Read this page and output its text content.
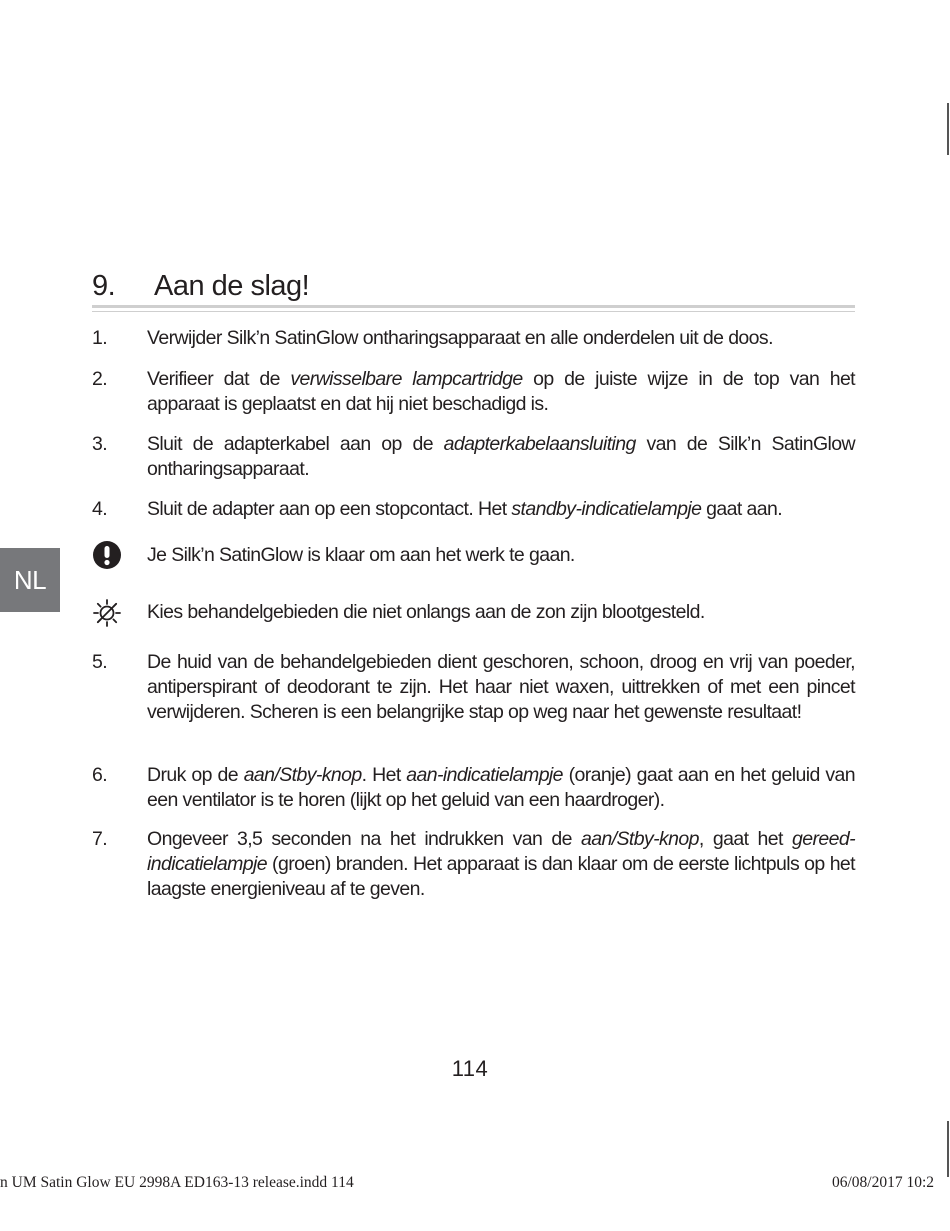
9. Aan de slag!
1.	Verwijder Silk’n SatinGlow ontharingsapparaat en alle onderdelen uit de doos.
2.	Verifieer dat de verwisselbare lampcartridge op de juiste wijze in de top van het apparaat is geplaatst en dat hij niet beschadigd is.
3.	Sluit de adapterkabel aan op de adapterkabelaansluiting van de Silk’n SatinGlow ontharingsapparaat.
4.	Sluit de adapter aan op een stopcontact. Het standby-indicatielampje gaat aan.
Je Silk’n SatinGlow is klaar om aan het werk te gaan.
Kies behandelgebieden die niet onlangs aan de zon zijn blootgesteld.
5.	De huid van de behandelgebieden dient geschoren, schoon, droog en vrij van poeder, antiperspirant of deodorant te zijn. Het haar niet waxen, uittrekken of met een pincet verwijderen. Scheren is een belangrijke stap op weg naar het gewenste resultaat!
6.	Druk op de aan/Stby-knop. Het aan-indicatielampje (oranje) gaat aan en het geluid van een ventilator is te horen (lijkt op het geluid van een haardroger).
7.	Ongeveer 3,5 seconden na het indrukken van de aan/Stby-knop, gaat het gereed-indicatielampje (groen) branden. Het apparaat is dan klaar om de eerste lichtpuls op het laagste energieniveau af te geven.
NL
114
n UM Satin Glow EU 2998A ED163-13 release.indd 114	06/08/2017 10:2
